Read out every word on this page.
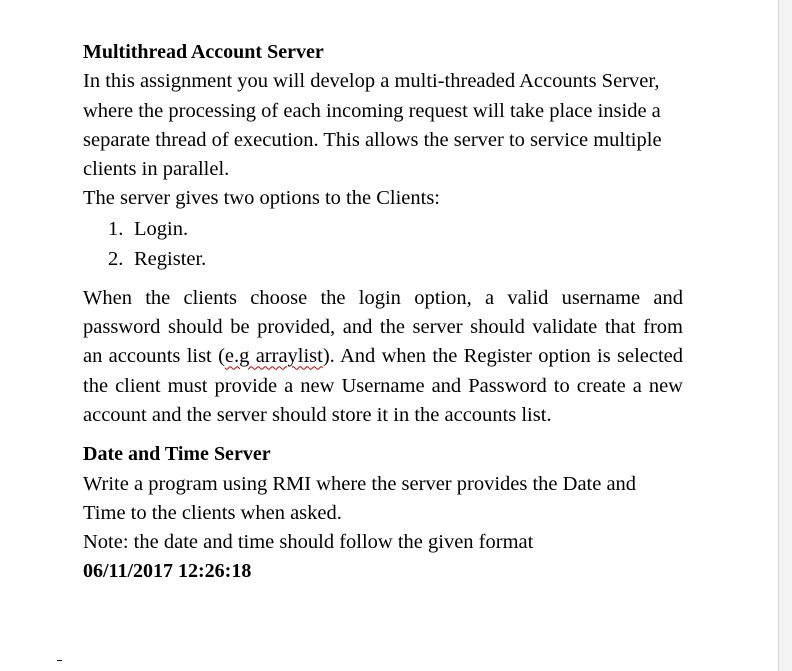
Multithread Account Server

In this assignment you will develop a multi-threaded Accounts Server, where the processing of each incoming request will take place inside a separate thread of execution. This allows the server to service multiple clients in parallel.

The server gives two options to the Clients:
1. Login.
2. Register.

When the clients choose the login option, a valid username and password should be provided, and the server should validate that from an accounts list (e.g arraylist). And when the Register option is selected the client must provide a new Username and Password to create a new account and the server should store it in the accounts list.

Date and Time Server

Write a program using RMI where the server provides the Date and Time to the clients when asked.

Note: the date and time should follow the given format
06/11/2017 12:26:18
